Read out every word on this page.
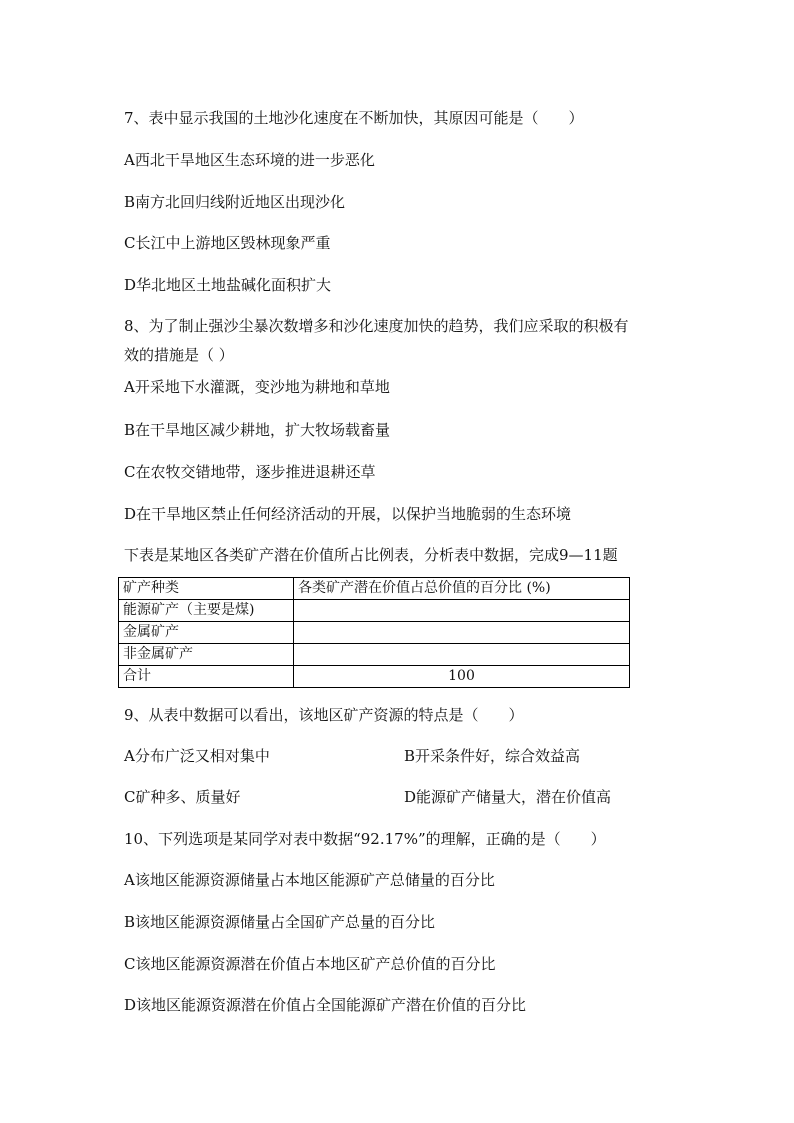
7、表中显示我国的土地沙化速度在不断加快，其原因可能是（　　）
A西北干旱地区生态环境的进一步恶化
B南方北回归线附近地区出现沙化
C长江中上游地区毁林现象严重
D华北地区土地盐碱化面积扩大
8、为了制止强沙尘暴次数增多和沙化速度加快的趋势，我们应采取的积极有
效的措施是（ ）
A开采地下水灌溉，变沙地为耕地和草地
B在干旱地区减少耕地，扩大牧场载畜量
C在农牧交错地带，逐步推进退耕还草
D在干旱地区禁止任何经济活动的开展，以保护当地脆弱的生态环境
下表是某地区各类矿产潜在价值所占比例表，分析表中数据，完成9—11题
矿产种类	各类矿产潜在价值占总价值的百分比 (%)
能源矿产（主要是煤)	
金属矿产	
非金属矿产	
合计	100
9、从表中数据可以看出，该地区矿产资源的特点是（　　）
A分布广泛又相对集中	B开采条件好，综合效益高
C矿种多、质量好	D能源矿产储量大，潜在价值高
10、下列选项是某同学对表中数据“92.17%”的理解，正确的是（　　）
A该地区能源资源储量占本地区能源矿产总储量的百分比
B该地区能源资源储量占全国矿产总量的百分比
C该地区能源资源潜在价值占本地区矿产总价值的百分比
D该地区能源资源潜在价值占全国能源矿产潜在价值的百分比
